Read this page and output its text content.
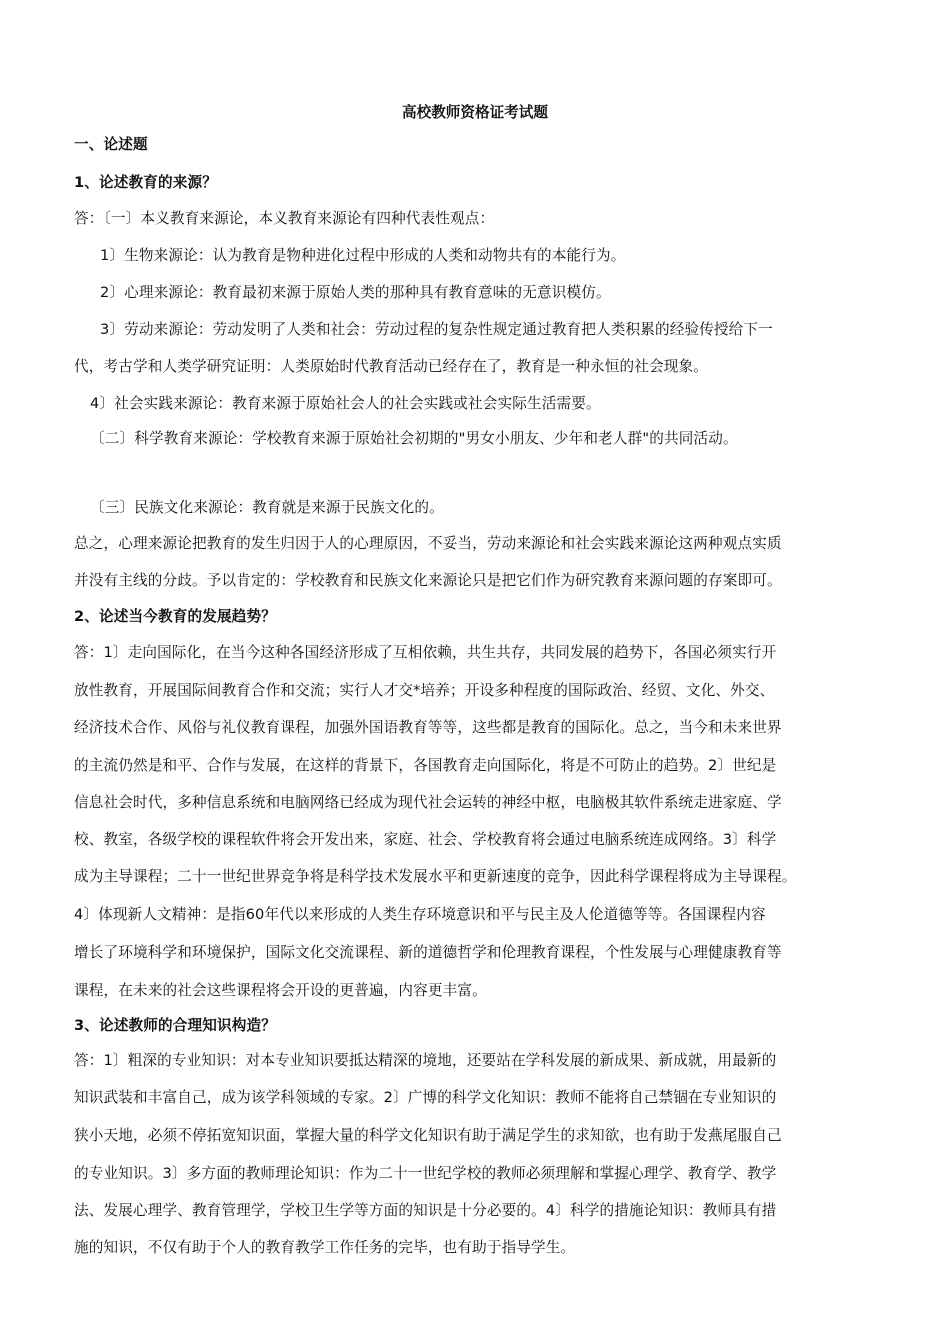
高校教师资格证考试题
一、论述题
1、论述教育的来源？
答：〔一〕本义教育来源论，本义教育来源论有四种代表性观点：
1〕生物来源论：认为教育是物种进化过程中形成的人类和动物共有的本能行为。
2〕心理来源论：教育最初来源于原始人类的那种具有教育意味的无意识模仿。
3〕劳动来源论：劳动发明了人类和社会：劳动过程的复杂性规定通过教育把人类积累的经验传授给下一
代，考古学和人类学研究证明：人类原始时代教育活动已经存在了，教育是一种永恒的社会现象。
4〕社会实践来源论：教育来源于原始社会人的社会实践或社会实际生活需要。
〔二〕科学教育来源论：学校教育来源于原始社会初期的"男女小朋友、少年和老人群"的共同活动。
〔三〕民族文化来源论：教育就是来源于民族文化的。
总之，心理来源论把教育的发生归因于人的心理原因，不妥当，劳动来源论和社会实践来源论这两种观点实质
并没有主线的分歧。予以肯定的：学校教育和民族文化来源论只是把它们作为研究教育来源问题的存案即可。
2、论述当今教育的发展趋势？
答：1〕走向国际化，在当今这种各国经济形成了互相依赖，共生共存，共同发展的趋势下，各国必须实行开
放性教育，开展国际间教育合作和交流；实行人才交*培养；开设多种程度的国际政治、经贸、文化、外交、
经济技术合作、风俗与礼仪教育课程，加强外国语教育等等，这些都是教育的国际化。总之，当今和未来世界
的主流仍然是和平、合作与发展，在这样的背景下，各国教育走向国际化，将是不可防止的趋势。2〕世纪是
信息社会时代，多种信息系统和电脑网络已经成为现代社会运转的神经中枢，电脑极其软件系统走进家庭、学
校、教室，各级学校的课程软件将会开发出来，家庭、社会、学校教育将会通过电脑系统连成网络。3〕科学
成为主导课程；二十一世纪世界竞争将是科学技术发展水平和更新速度的竞争，因此科学课程将成为主导课程。
4〕体现新人文精神：是指60年代以来形成的人类生存环境意识和平与民主及人伦道德等等。各国课程内容
增长了环境科学和环境保护，国际文化交流课程、新的道德哲学和伦理教育课程，个性发展与心理健康教育等
课程，在未来的社会这些课程将会开设的更普遍，内容更丰富。
3、论述教师的合理知识构造？
答：1〕粗深的专业知识：对本专业知识要抵达精深的境地，还要站在学科发展的新成果、新成就，用最新的
知识武装和丰富自己，成为该学科领域的专家。2〕广博的科学文化知识：教师不能将自己禁锢在专业知识的
狭小天地，必须不停拓宽知识面，掌握大量的科学文化知识有助于满足学生的求知欲，也有助于发燕尾服自己
的专业知识。3〕多方面的教师理论知识：作为二十一世纪学校的教师必须理解和掌握心理学、教育学、教学
法、发展心理学、教育管理学，学校卫生学等方面的知识是十分必要的。4〕科学的措施论知识：教师具有措
施的知识，不仅有助于个人的教育教学工作任务的完毕，也有助于指导学生。
